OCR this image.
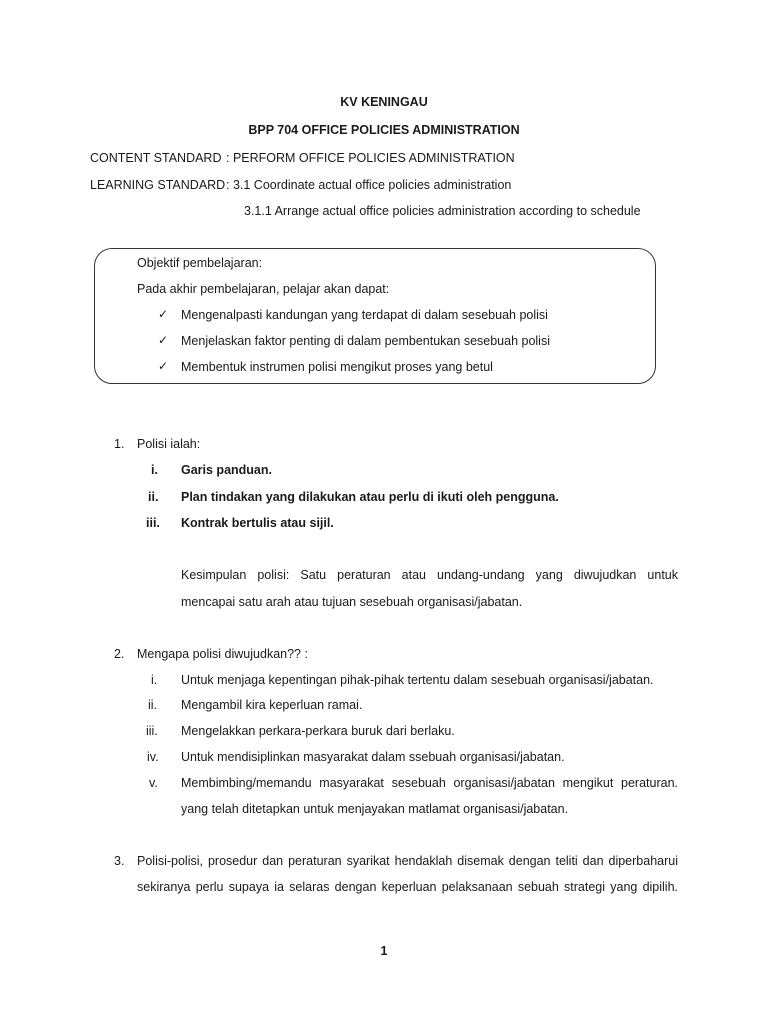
KV KENINGAU
BPP 704 OFFICE POLICIES ADMINISTRATION
CONTENT STANDARD : PERFORM OFFICE POLICIES ADMINISTRATION
LEARNING STANDARD : 3.1 Coordinate actual office policies administration
3.1.1 Arrange actual office policies administration according to schedule
Objektif pembelajaran:
Pada akhir pembelajaran, pelajar akan dapat:
✓ Mengenalpasti kandungan yang terdapat di dalam sesebuah polisi
✓ Menjelaskan faktor penting di dalam pembentukan sesebuah polisi
✓ Membentuk instrumen polisi mengikut proses yang betul
1. Polisi ialah:
i. Garis panduan.
ii. Plan tindakan yang dilakukan atau perlu di ikuti oleh pengguna.
iii. Kontrak bertulis atau sijil.
Kesimpulan polisi: Satu peraturan atau undang-undang yang diwujudkan untuk
mencapai satu arah atau tujuan sesebuah organisasi/jabatan.
2. Mengapa polisi diwujudkan?? :
i. Untuk menjaga kepentingan pihak-pihak tertentu dalam sesebuah organisasi/jabatan.
ii. Mengambil kira keperluan ramai.
iii. Mengelakkan perkara-perkara buruk dari berlaku.
iv. Untuk mendisiplinkan masyarakat dalam ssebuah organisasi/jabatan.
v. Membimbing/memandu masyarakat sesebuah organisasi/jabatan mengikut peraturan.
yang telah ditetapkan untuk menjayakan matlamat organisasi/jabatan.
3. Polisi-polisi, prosedur dan peraturan syarikat hendaklah disemak dengan teliti dan diperbaharui
sekiranya perlu supaya ia selaras dengan keperluan pelaksanaan sebuah strategi yang dipilih.
1
